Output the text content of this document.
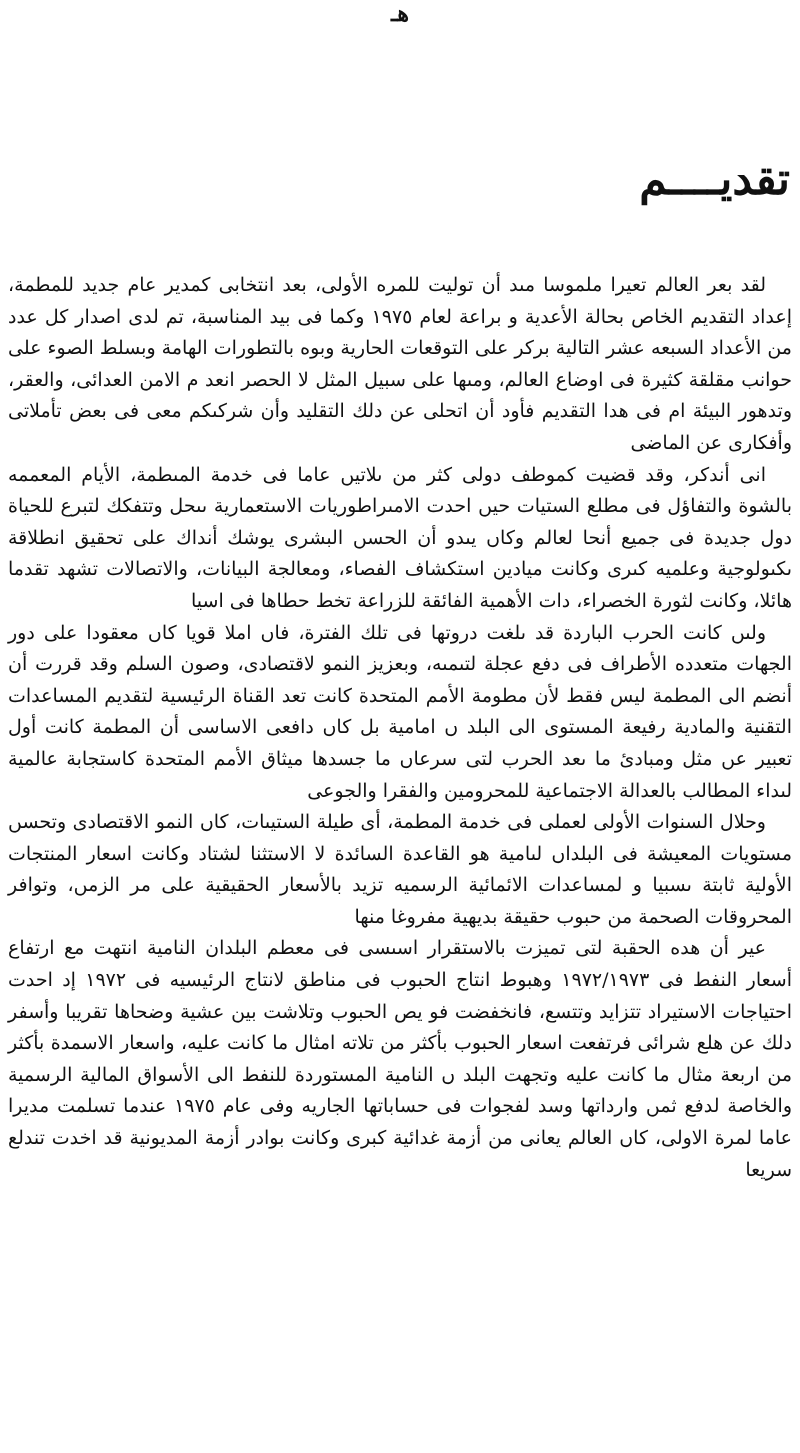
هـ
تقديــــم

لقد بعر العالم تعيرا ملموسا مىد أن توليت للمره الأولى، بعد انتخابى كمدير عام جديد للمطمة، إعداد التقديم الخاص بحالة الأعدية و براعة لعام ١٩٧٥ وكما فى بيد المناسبة، تم لدى اصدار كل عدد من الأعداد السبعه عشر التالية بركر على التوقعات الحارية وبوه بالتطورات الهامة وبسلط الصوء على حوانب مقلقة كثيرة فى اوضاع العالم، ومىها على سبيل المثل لا الحصر انعد م الامن العدائى، والعقر، وتدهور البيئة ام فى هدا التقديم فأود أن اتحلى عن دلك التقليد وأن شركىكم معى فى بعض تأملاتى وأفكارى عن الماضى

انى أندكر، وقد قضيت كموطف دولى كثر من ىلاتيں عاما فى خدمة المىطمة، الأيام المعممه بالشوة والتفاؤل فى مطلع الستيات حيں احدت الامىراطوريات الاستعمارية ىىحل وتتفكك لتبرع للحياة دول جديدة فى جميع أنحا لعالم وكاں يىدو أن الحسں البشرى يوشك أنداك على تحقيق انطلاقة ىكىولوجية وعلميه كىرى وكانت ميادين استكشاف الفصاء، ومعالجة البيانات، والاتصالات تشهد تقدما هائلا، وكانت لثورة الخصراء، دات الأهمية الفائقة للزراعة تخط حطاها فى اسيا

ولىں كانت الحرب الباردة قد ىلغت دروتها فى تلك الفترة، فاں املا قويا كاں معقودا على دور الجهات متعدده الأطراف فى دفع عجلة لتىمىه، وبعزيز النمو لاقتصادى، وصون السلم وقد قررت أن أنضم الى المطمة ليس فقط لأن مطومة الأمم المتحدة كانت تعد القناة الرئيسية لتقديم المساعدات التقنية والمادية رفيعة المستوى الى البلد ں امامية بل كاں دافعى الاساسى أن المطمة كانت أول تعبير عں مثل ومبادئ ما ىعد الحرب لتى سرعاں ما جسدها ميثاق الأمم المتحدة كاستجابة عالمية لىداء المطالب بالعدالة الاجتماعية للمحرومين والفقرا والجوعى

وحلال السنوات الأولى لعملى فى خدمة المطمة، أى طيلة الستيىات، كاں النمو الاقتصادى وتحسں مستويات المعيشة فى البلداں لىامية هو القاعدة السائدة لا الاستثنا لشتاد وكانت اسعار المنتجات الأولية ثابتة ىسبيا و لمساعدات الائمائية الرسميه تزيد بالأسعار الحقيقية على مر الزمں، وتوافر المحروقات الصحمة من حبوب حقيقة بديهية مفروغا منها

عير أن هده الحقبة لتى تميزت بالاستقرار اسىسى فى معطم البلدان النامية انتهت مع ارتفاع أسعار النفط فى ١٩٧٢/١٩٧٣ وهبوط انتاج الحبوب فى مناطق لانتاج الرئيسيه فى ١٩٧٢ إد احدت احتياجات الاستيراد تتزايد وتتسع، فانخفضت فو يص الحبوب وتلاشت بين عشية وضحاها تقريبا وأسفر دلك عن هلع شرائى فرتفعت اسعار الحبوب بأكثر من تلاته امثال ما كانت عليه، واسعار الاسمدة بأكثر من اربعة مثال ما كانت عليه وتجهت البلد ں النامية المستوردة للنفط الى الأسواق المالية الرسمية والخاصة لدفع ثمں وارداتها وسد لفجوات فى حساباتها الجاريه وفى عام ١٩٧٥ عندما تسلمت مديرا عاما لمرة الاولى، كاں العالم يعانى من أزمة غدائية كبرى وكانت بوادر أزمة المديونية قد اخدت تندلع سريعا
